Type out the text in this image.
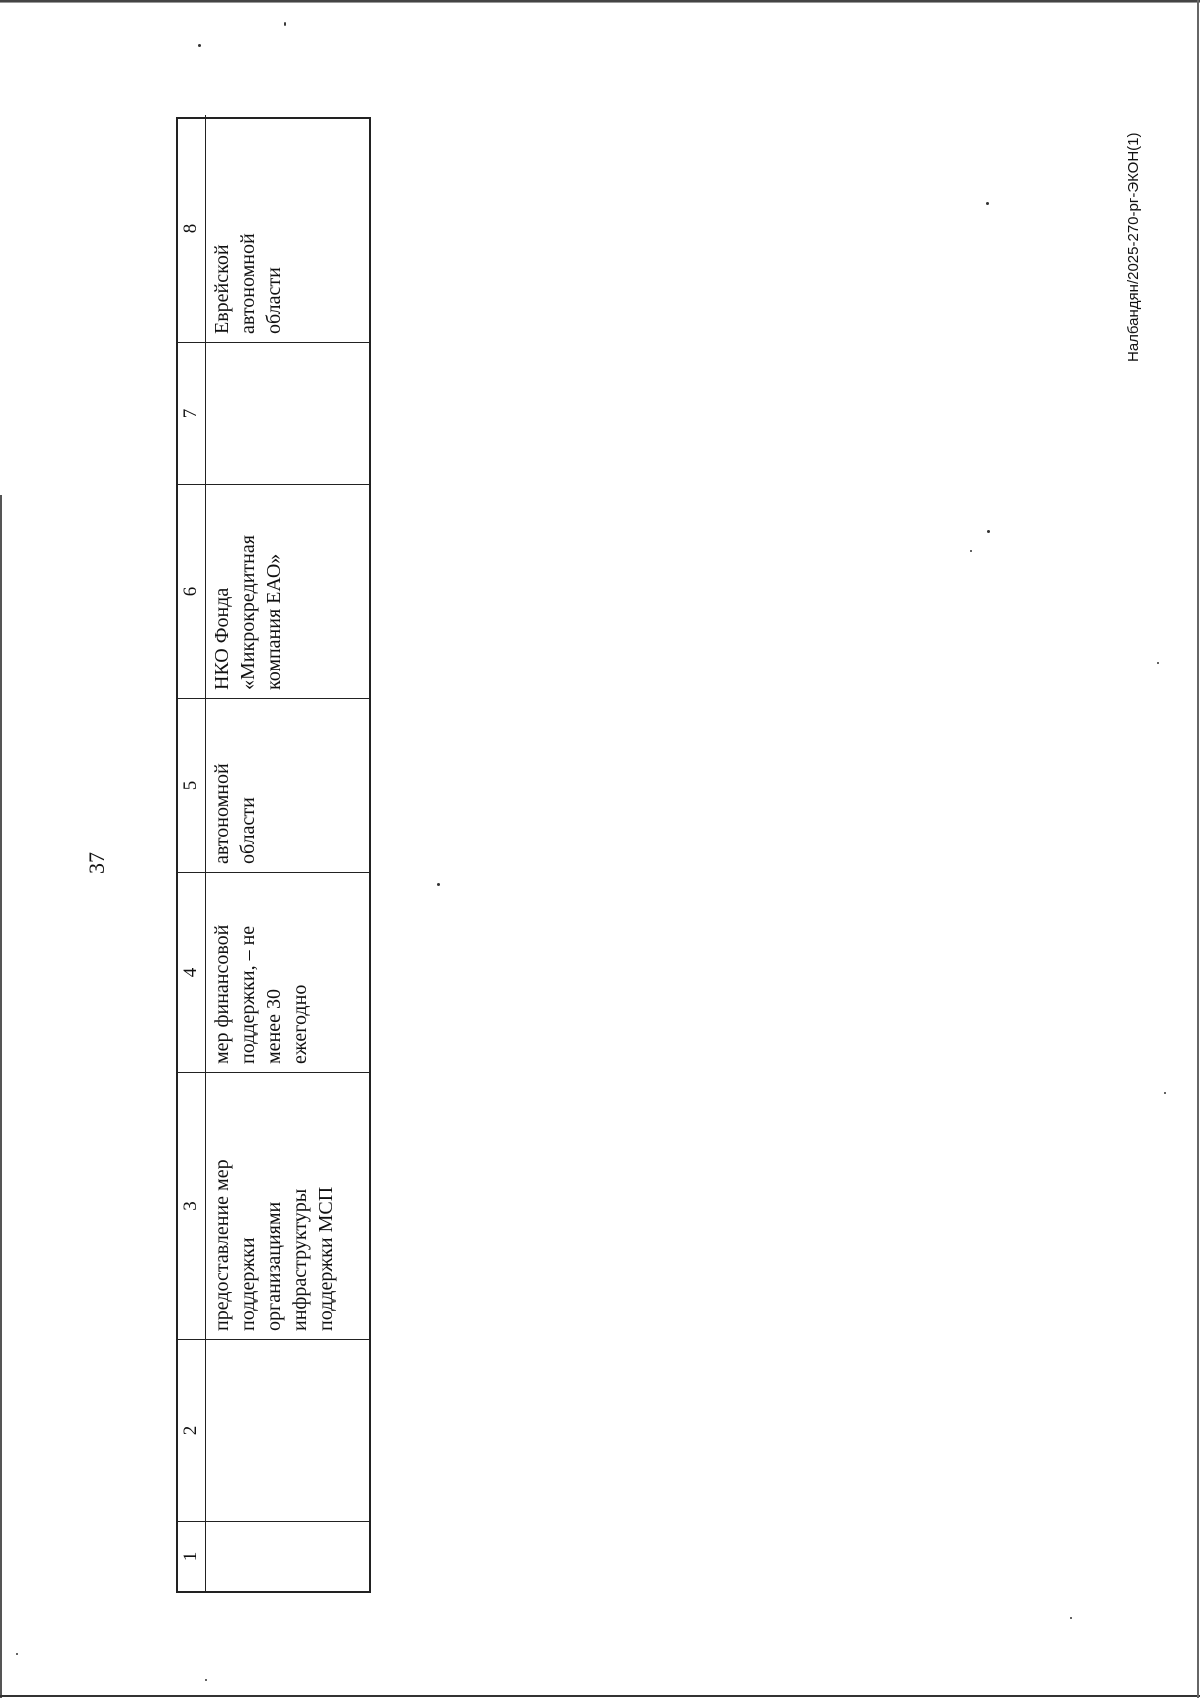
37
Налбандян/2025-270-рг-ЭКОН(1)
1
2
3 предоставление мер
поддержки
организациями
инфраструктуры
поддержки МСП
4
мер финансовой
поддержки, – не
менее 30
ежегодно
5 автономной
области
6
НКО Фонда
«Микрокредитная
компания ЕАО»
7
8
Еврейской
автономной
области
